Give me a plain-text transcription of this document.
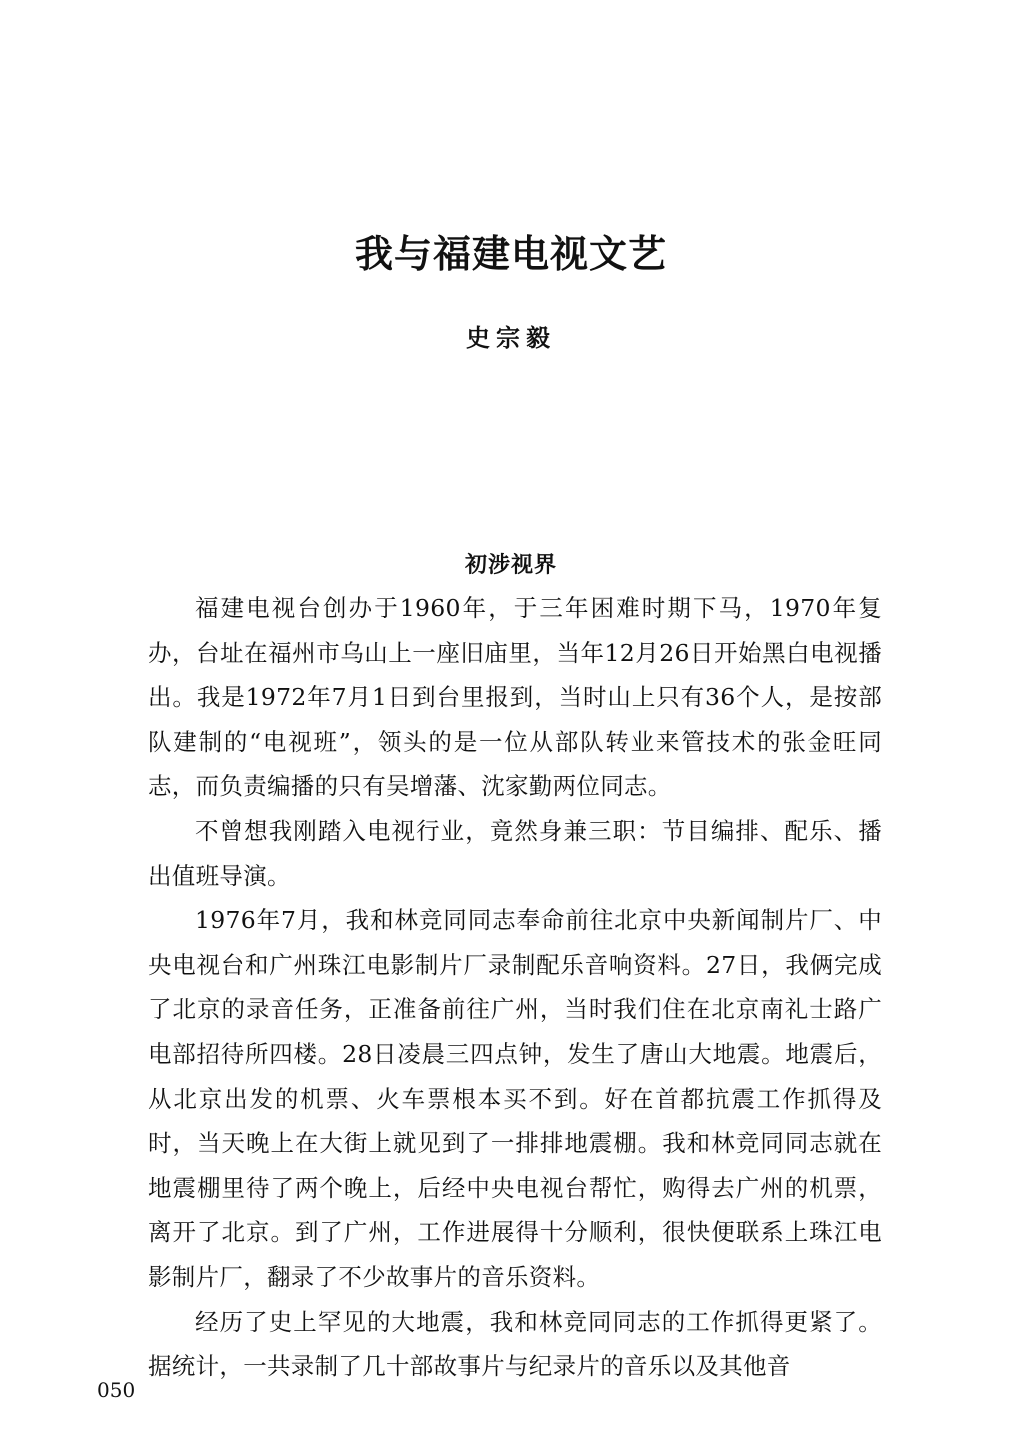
我与福建电视文艺
史宗毅
初涉视界

福建电视台创办于1960年，于三年困难时期下马，1970年复办，台址在福州市乌山上一座旧庙里，当年12月26日开始黑白电视播出。我是1972年7月1日到台里报到，当时山上只有36个人，是按部队建制的“电视班”，领头的是一位从部队转业来管技术的张金旺同志，而负责编播的只有吴增藩、沈家勤两位同志。

不曾想我刚踏入电视行业，竟然身兼三职：节目编排、配乐、播出值班导演。

1976年7月，我和林竞同同志奉命前往北京中央新闻制片厂、中央电视台和广州珠江电影制片厂录制配乐音响资料。27日，我俩完成了北京的录音任务，正准备前往广州，当时我们住在北京南礼士路广电部招待所四楼。28日凌晨三四点钟，发生了唐山大地震。地震后，从北京出发的机票、火车票根本买不到。好在首都抗震工作抓得及时，当天晚上在大街上就见到了一排排地震棚。我和林竞同同志就在地震棚里待了两个晚上，后经中央电视台帮忙，购得去广州的机票，离开了北京。到了广州，工作进展得十分顺利，很快便联系上珠江电影制片厂，翻录了不少故事片的音乐资料。

经历了史上罕见的大地震，我和林竞同同志的工作抓得更紧了。据统计，一共录制了几十部故事片与纪录片的音乐以及其他音

050
